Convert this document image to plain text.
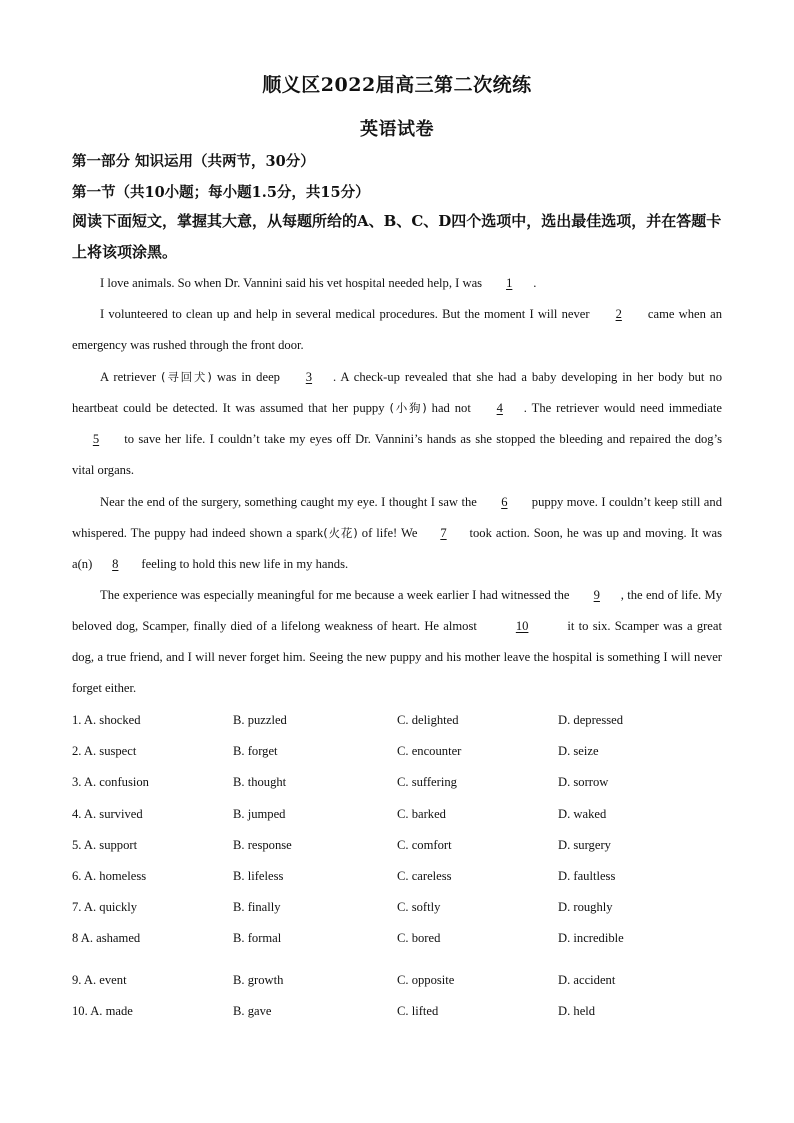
顺义区2022届高三第二次统练
英语试卷
第一部分 知识运用（共两节，30分）
第一节（共10小题；每小题1.5分，共15分）
阅读下面短文，掌握其大意，从每题所给的A、B、C、D四个选项中，选出最佳选项，并在答题卡上将该项涂黑。
I love animals. So when Dr. Vannini said his vet hospital needed help, I was 1 .
I volunteered to clean up and help in several medical procedures. But the moment I will never 2 came when an emergency was rushed through the front door.
A retriever (寻回犬) was in deep 3 . A check-up revealed that she had a baby developing in her body but no heartbeat could be detected. It was assumed that her puppy (小狗) had not 4 . The retriever would need immediate 5 to save her life. I couldn’t take my eyes off Dr. Vannini’s hands as she stopped the bleeding and repaired the dog’s vital organs.
Near the end of the surgery, something caught my eye. I thought I saw the 6 puppy move. I couldn’t keep still and whispered. The puppy had indeed shown a spark(火花) of life! We 7 took action. Soon, he was up and moving. It was a(n) 8 feeling to hold this new life in my hands.
The experience was especially meaningful for me because a week earlier I had witnessed the 9 , the end of life. My beloved dog, Scamper, finally died of a lifelong weakness of heart. He almost	10	it to six. Scamper was a great dog, a true friend, and I will never forget him. Seeing the new puppy and his mother leave the hospital is something I will never forget either.
1. A. shocked	B. puzzled	C. delighted	D. depressed
2. A. suspect	B. forget	C. encounter	D. seize
3. A. confusion	B. thought	C. suffering	D. sorrow
4. A. survived	B. jumped	C. barked	D. waked
5. A. support	B. response	C. comfort	D. surgery
6. A. homeless	B. lifeless	C. careless	D. faultless
7. A. quickly	B. finally	C. softly	D. roughly
8 A. ashamed	B. formal	C. bored	D. incredible
9. A. event	B. growth	C. opposite	D. accident
10. A. made	B. gave	C. lifted	D. held
